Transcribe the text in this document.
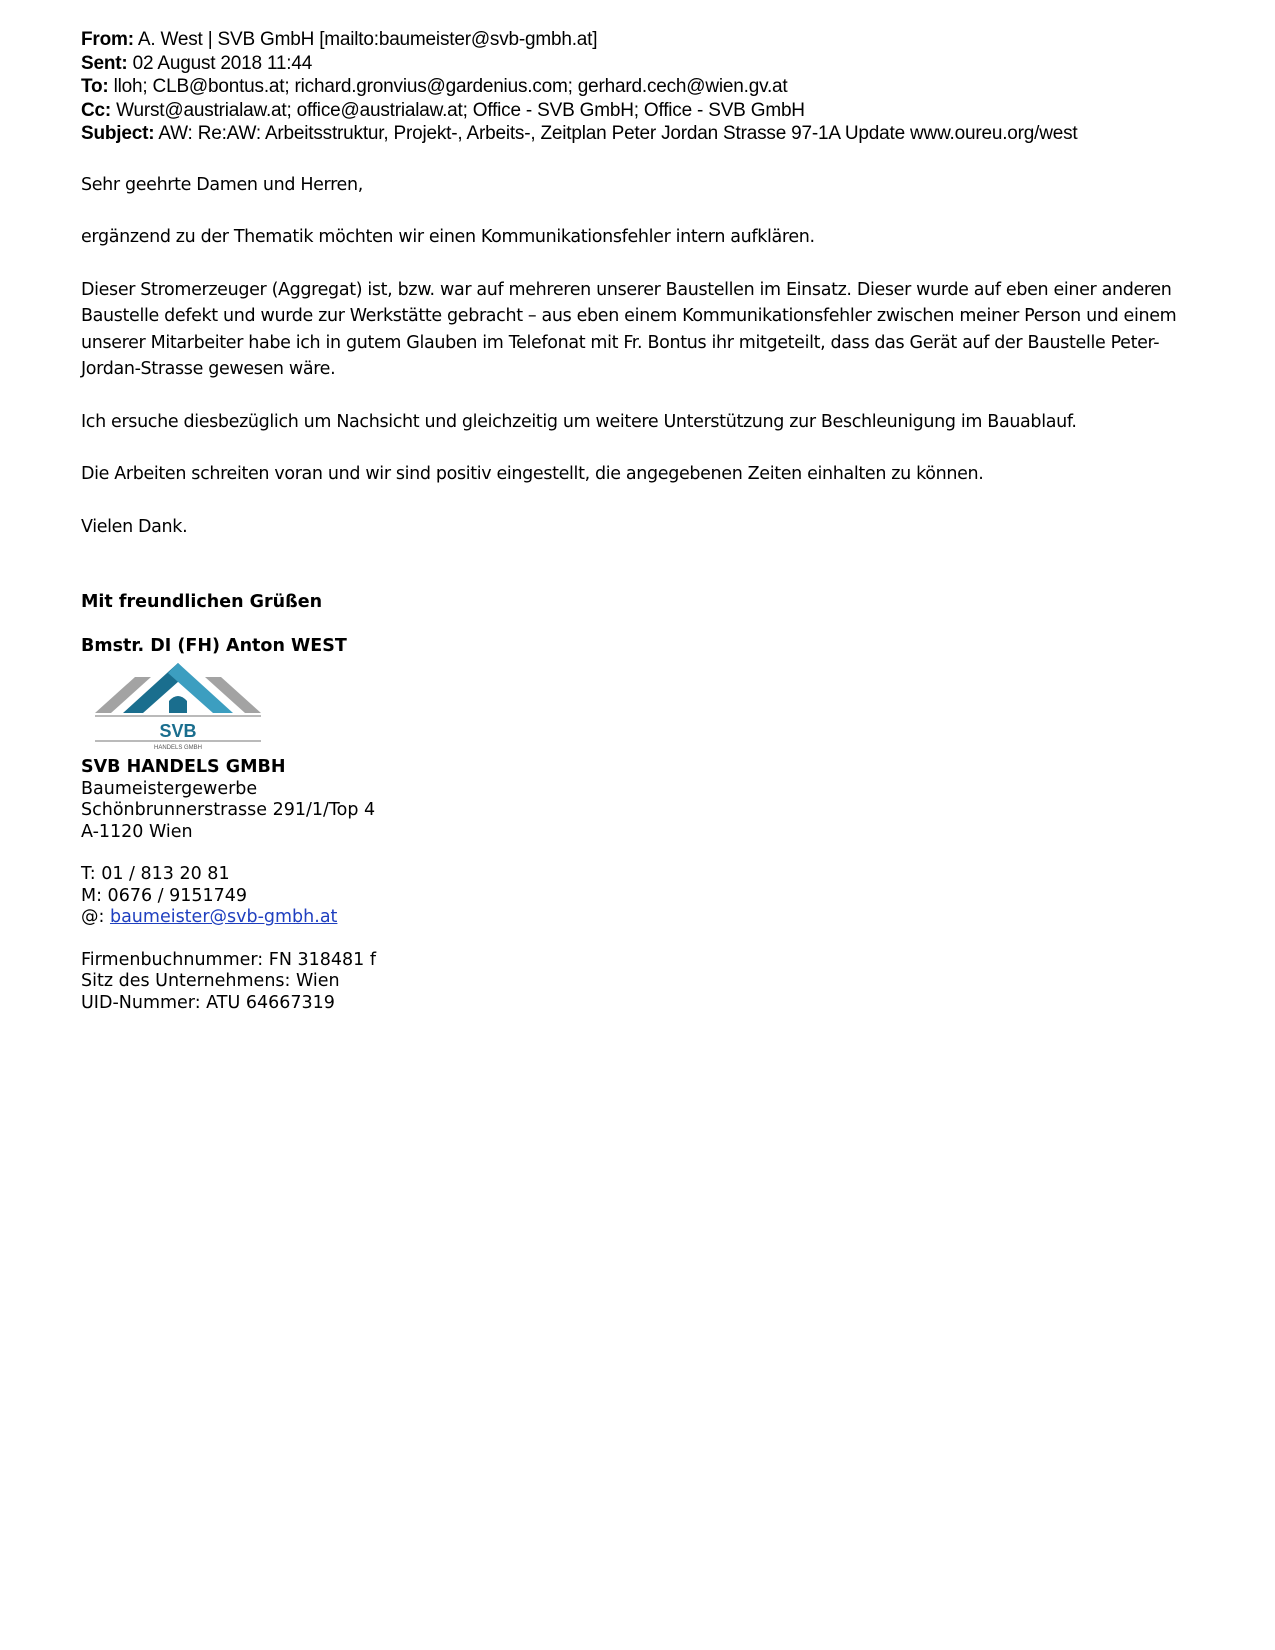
From: A. West | SVB GmbH [mailto:baumeister@svb-gmbh.at]
Sent: 02 August 2018 11:44
To: lloh; CLB@bontus.at; richard.gronvius@gardenius.com; gerhard.cech@wien.gv.at
Cc: Wurst@austrialaw.at; office@austrialaw.at; Office - SVB GmbH; Office - SVB GmbH
Subject: AW: Re:AW: Arbeitsstruktur, Projekt-, Arbeits-, Zeitplan Peter Jordan Strasse 97-1A Update www.oureu.org/west

Sehr geehrte Damen und Herren,

ergänzend zu der Thematik möchten wir einen Kommunikationsfehler intern aufklären.

Dieser Stromerzeuger (Aggregat) ist, bzw. war auf mehreren unserer Baustellen im Einsatz. Dieser wurde auf eben einer anderen Baustelle defekt und wurde zur Werkstätte gebracht – aus eben einem Kommunikationsfehler zwischen meiner Person und einem unserer Mitarbeiter habe ich in gutem Glauben im Telefonat mit Fr. Bontus ihr mitgeteilt, dass das Gerät auf der Baustelle Peter-Jordan-Strasse gewesen wäre.

Ich ersuche diesbezüglich um Nachsicht und gleichzeitig um weitere Unterstützung zur Beschleunigung im Bauablauf.

Die Arbeiten schreiten voran und wir sind positiv eingestellt, die angegebenen Zeiten einhalten zu können.

Vielen Dank.

Mit freundlichen Grüßen
Bmstr. DI (FH) Anton WEST
SVB
HANDELS GMBH
SVB HANDELS GMBH
Baumeistergewerbe
Schönbrunnerstrasse 291/1/Top 4
A-1120 Wien
T: 01 / 813 20 81
M: 0676 / 9151749
@: baumeister@svb-gmbh.at
Firmenbuchnummer: FN 318481 f
Sitz des Unternehmens: Wien
UID-Nummer: ATU 64667319
